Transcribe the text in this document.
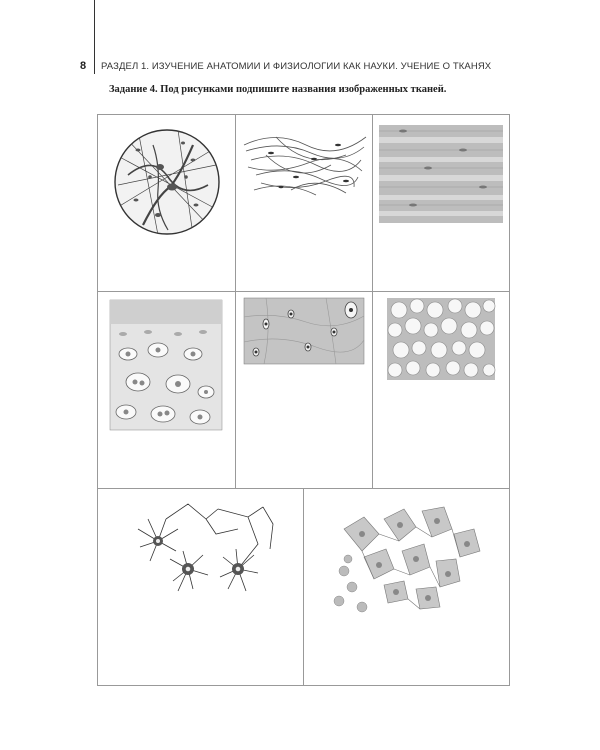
8 РАЗДЕЛ 1. ИЗУЧЕНИЕ АНАТОМИИ И ФИЗИОЛОГИИ КАК НАУКИ. УЧЕНИЕ О ТКАНЯХ
Задание 4. Под рисунками подпишите названия изображенных тканей.
